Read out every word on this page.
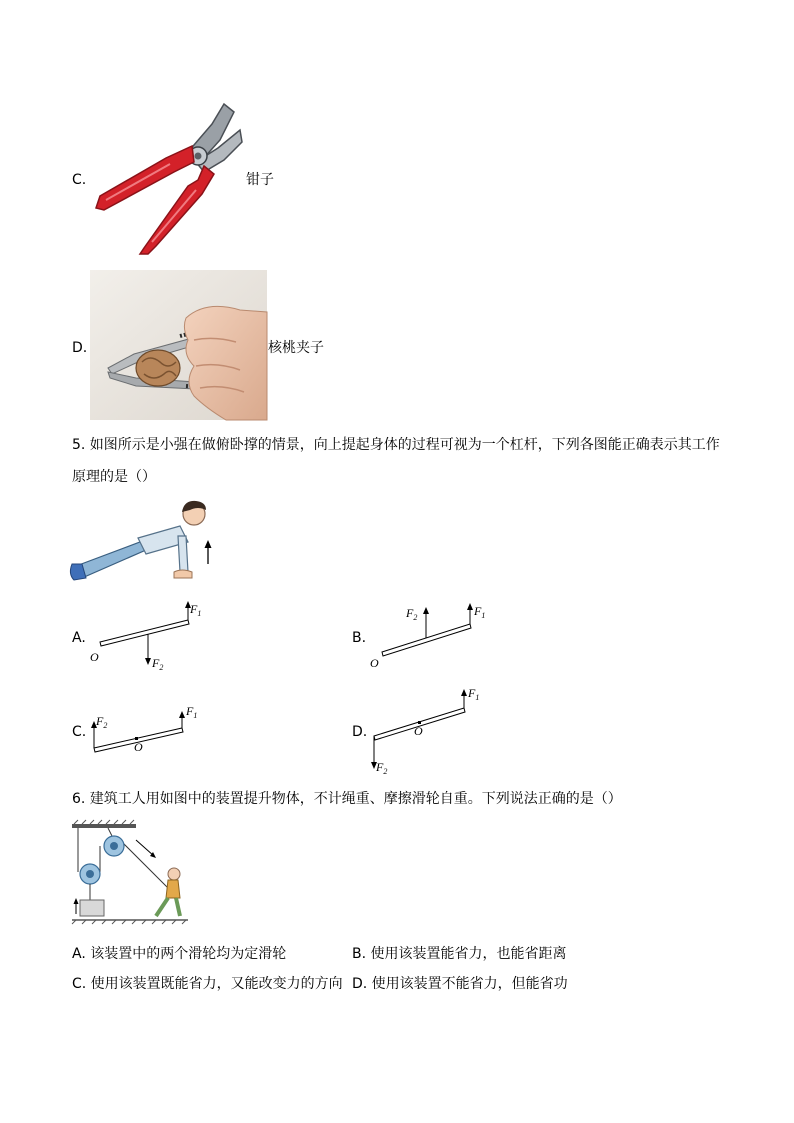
C.	钳子
D.	核桃夹子
5. 如图所示是小强在做俯卧撑的情景，向上提起身体的过程可视为一个杠杆，下列各图能正确表示其工作
原理的是（）
A.
$F_1$
O	$F_2$
B.
$F_1$
$F_2$
O
C.
$F_2$
$F_1$
O
D.
$F_1$
O
$F_2$
6. 建筑工人用如图中的装置提升物体，不计绳重、摩擦滑轮自重。下列说法正确的是（）
A. 该装置中的两个滑轮均为定滑轮	B. 使用该装置能省力，也能省距离
C. 使用该装置既能省力，又能改变力的方向 D. 使用该装置不能省力，但能省功
